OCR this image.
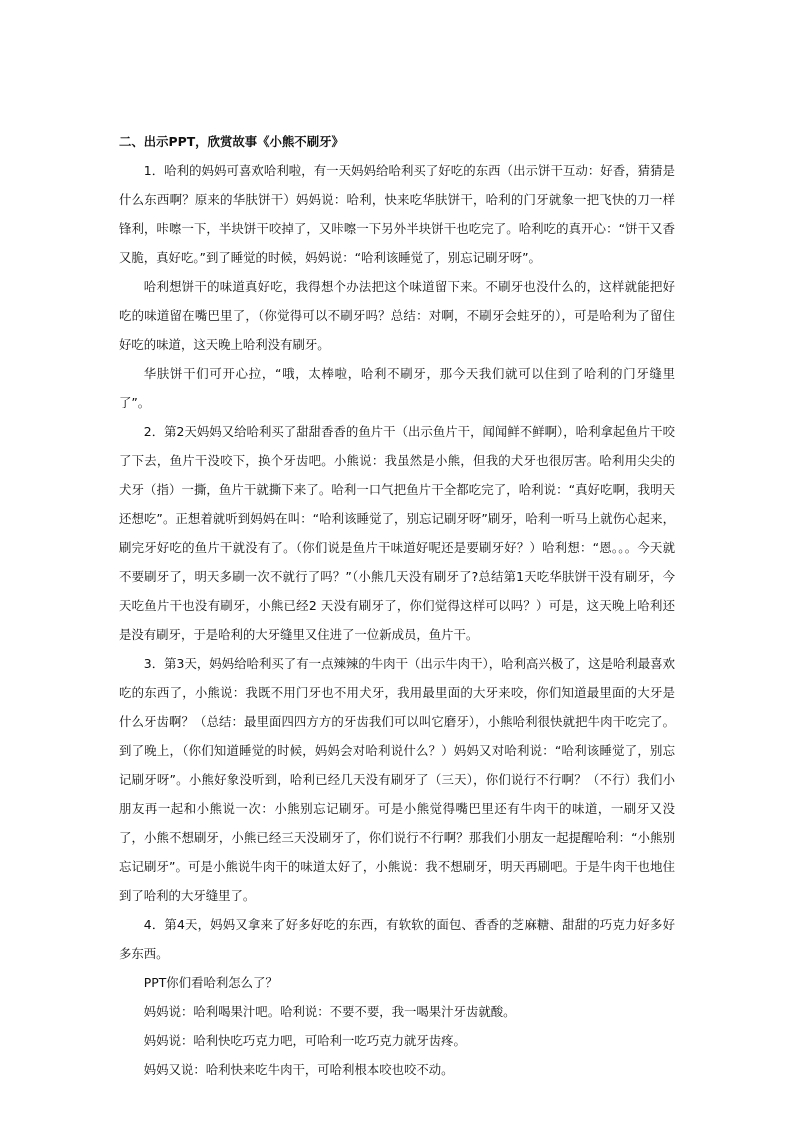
二、出示PPT，欣赏故事《小熊不刷牙》

1．哈利的妈妈可喜欢哈利啦，有一天妈妈给哈利买了好吃的东西（出示饼干互动：好香，猜猜是什么东西啊？原来的华肤饼干）妈妈说：哈利，快来吃华肤饼干，哈利的门牙就象一把飞快的刀一样锋利，咔嚓一下，半块饼干咬掉了，又咔嚓一下另外半块饼干也吃完了。哈利吃的真开心：“饼干又香又脆，真好吃。”到了睡觉的时候，妈妈说：“哈利该睡觉了，别忘记刷牙呀”。

哈利想饼干的味道真好吃，我得想个办法把这个味道留下来。不刷牙也没什么的，这样就能把好吃的味道留在嘴巴里了，（你觉得可以不刷牙吗？总结：对啊，不刷牙会蛀牙的），可是哈利为了留住好吃的味道，这天晚上哈利没有刷牙。

华肤饼干们可开心拉，“哦，太棒啦，哈利不刷牙，那今天我们就可以住到了哈利的门牙缝里了”。

2．第2天妈妈又给哈利买了甜甜香香的鱼片干（出示鱼片干，闻闻鲜不鲜啊），哈利拿起鱼片干咬了下去，鱼片干没咬下，换个牙齿吧。小熊说：我虽然是小熊，但我的犬牙也很厉害。哈利用尖尖的犬牙（指）一撕，鱼片干就撕下来了。哈利一口气把鱼片干全都吃完了，哈利说：“真好吃啊，我明天还想吃”。正想着就听到妈妈在叫：“哈利该睡觉了，别忘记刷牙呀”刷牙，哈利一听马上就伤心起来，刷完牙好吃的鱼片干就没有了。（你们说是鱼片干味道好呢还是要刷牙好？）哈利想：“恩。。。今天就不要刷牙了，明天多刷一次不就行了吗？”（小熊几天没有刷牙了?总结第1天吃华肤饼干没有刷牙，今天吃鱼片干也没有刷牙，小熊已经2 天没有刷牙了，你们觉得这样可以吗？）可是，这天晚上哈利还是没有刷牙，于是哈利的大牙缝里又住进了一位新成员，鱼片干。

3．第3天，妈妈给哈利买了有一点辣辣的牛肉干（出示牛肉干），哈利高兴极了，这是哈利最喜欢吃的东西了，小熊说：我既不用门牙也不用犬牙，我用最里面的大牙来咬，你们知道最里面的大牙是什么牙齿啊？（总结：最里面四四方方的牙齿我们可以叫它磨牙），小熊哈利很快就把牛肉干吃完了。到了晚上，（你们知道睡觉的时候，妈妈会对哈利说什么？）妈妈又对哈利说：“哈利该睡觉了，别忘记刷牙呀”。小熊好象没听到，哈利已经几天没有刷牙了（三天），你们说行不行啊？（不行）我们小朋友再一起和小熊说一次：小熊别忘记刷牙。可是小熊觉得嘴巴里还有牛肉干的味道，一刷牙又没了，小熊不想刷牙，小熊已经三天没刷牙了，你们说行不行啊？那我们小朋友一起提醒哈利：“小熊别忘记刷牙”。可是小熊说牛肉干的味道太好了，小熊说：我不想刷牙，明天再刷吧。于是牛肉干也地住到了哈利的大牙缝里了。

4．第4天，妈妈又拿来了好多好吃的东西，有软软的面包、香香的芝麻糖、甜甜的巧克力好多好多东西。

PPT你们看哈利怎么了？

妈妈说：哈利喝果汁吧。哈利说：不要不要，我一喝果汁牙齿就酸。

妈妈说：哈利快吃巧克力吧，可哈利一吃巧克力就牙齿疼。

妈妈又说：哈利快来吃牛肉干，可哈利根本咬也咬不动。
